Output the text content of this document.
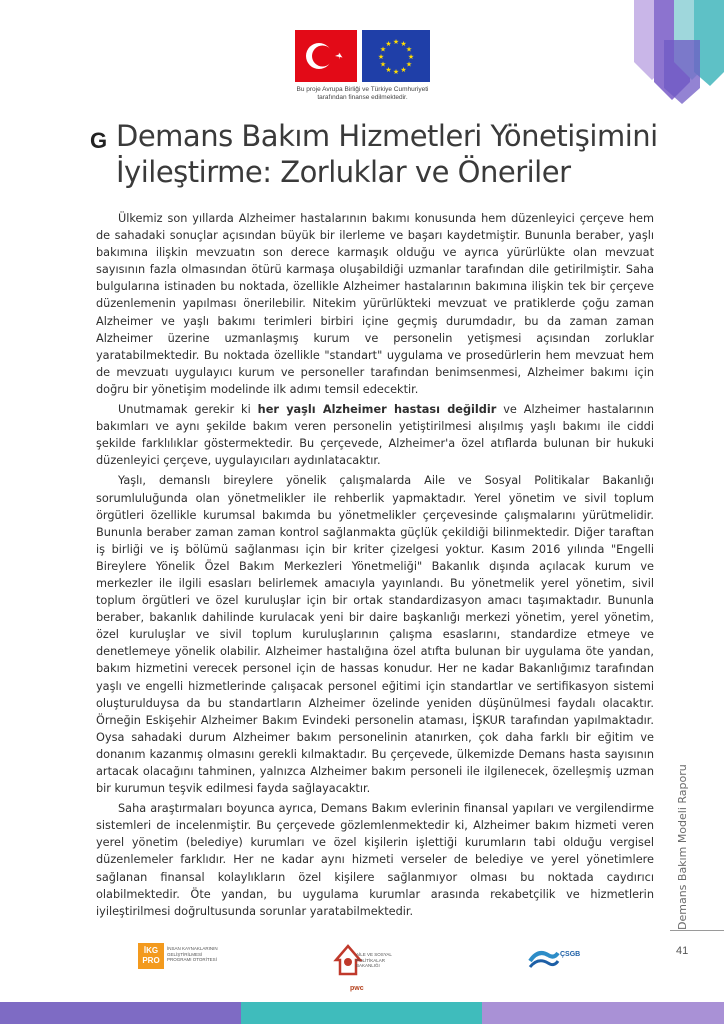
★
★
★
★
★
★
★
★
★ ★ ★
★
Bu proje Avrupa Birliği ve Türkiye Cumhuriyeti
tarafından finanse edilmektedir.
G Demans Bakım Hizmetleri Yönetişimini İyileştirme: Zorluklar ve Öneriler

Ülkemiz son yıllarda Alzheimer hastalarının bakımı konusunda hem düzenleyici çerçeve hem de sahadaki sonuçlar açısından büyük bir ilerleme ve başarı kaydetmiştir. Bununla beraber, yaşlı bakımına ilişkin mevzuatın son derece karmaşık olduğu ve ayrıca yürürlükte olan mevzuat sayısının fazla olmasından ötürü karmaşa oluşabildiği uzmanlar tarafından dile getirilmiştir. Saha bulgularına istinaden bu noktada, özellikle Alzheimer hastalarının bakımına ilişkin tek bir çerçeve düzenlemenin yapılması önerilebilir. Nitekim yürürlükteki mevzuat ve pratiklerde çoğu zaman Alzheimer ve yaşlı bakımı terimleri birbiri içine geçmiş durumdadır, bu da zaman zaman Alzheimer üzerine uzmanlaşmış kurum ve personelin yetişmesi açısından zorluklar yaratabilmektedir. Bu noktada özellikle "standart" uygulama ve prosedürlerin hem mevzuat hem de mevzuatı uygulayıcı kurum ve personeller tarafından benimsenmesi, Alzheimer bakımı için doğru bir yönetişim modelinde ilk adımı temsil edecektir.

Unutmamak gerekir ki her yaşlı Alzheimer hastası değildir ve Alzheimer hastalarının bakımları ve aynı şekilde bakım veren personelin yetiştirilmesi alışılmış yaşlı bakımı ile ciddi şekilde farklılıklar göstermektedir. Bu çerçevede, Alzheimer'a özel atıflarda bulunan bir hukuki düzenleyici çerçeve, uygulayıcıları aydınlatacaktır.

Yaşlı, demanslı bireylere yönelik çalışmalarda Aile ve Sosyal Politikalar Bakanlığı sorumluluğunda olan yönetmelikler ile rehberlik yapmaktadır. Yerel yönetim ve sivil toplum örgütleri özellikle kurumsal bakımda bu yönetmelikler çerçevesinde çalışmalarını yürütmelidir. Bununla beraber zaman zaman kontrol sağlanmakta güçlük çekildiği bilinmektedir. Diğer taraftan iş birliği ve iş bölümü sağlanması için bir kriter çizelgesi yoktur. Kasım 2016 yılında "Engelli Bireylere Yönelik Özel Bakım Merkezleri Yönetmeliği" Bakanlık dışında açılacak kurum ve merkezler ile ilgili esasları belirlemek amacıyla yayınlandı. Bu yönetmelik yerel yönetim, sivil toplum örgütleri ve özel kuruluşlar için bir ortak standardizasyon amacı taşımaktadır. Bununla beraber, bakanlık dahilinde kurulacak yeni bir daire başkanlığı merkezi yönetim, yerel yönetim, özel kuruluşlar ve sivil toplum kuruluşlarının çalışma esaslarını, standardize etmeye ve denetlemeye yönelik olabilir. Alzheimer hastalığına özel atıfta bulunan bir uygulama öte yandan, bakım hizmetini verecek personel için de hassas konudur. Her ne kadar Bakanlığımız tarafından yaşlı ve engelli hizmetlerinde çalışacak personel eğitimi için standartlar ve sertifikasyon sistemi oluşturulduysa da bu standartların Alzheimer özelinde yeniden düşünülmesi faydalı olacaktır. Örneğin Eskişehir Alzheimer Bakım Evindeki personelin ataması, İŞKUR tarafından yapılmaktadır. Oysa sahadaki durum Alzheimer bakım personelinin atanırken, çok daha farklı bir eğitim ve donanım kazanmış olmasını gerekli kılmaktadır. Bu çerçevede, ülkemizde Demans hasta sayısının artacak olacağını tahminen, yalnızca Alzheimer bakım personeli ile ilgilenecek, özelleşmiş uzman bir kurumun teşvik edilmesi fayda sağlayacaktır.

Saha araştırmaları boyunca ayrıca, Demans Bakım evlerinin finansal yapıları ve vergilendirme sistemleri de incelenmiştir. Bu çerçevede gözlemlenmektedir ki, Alzheimer bakım hizmeti veren yerel yönetim (belediye) kurumları ve özel kişilerin işlettiği kurumların tabi olduğu vergisel düzenlemeler farklıdır. Her ne kadar aynı hizmeti verseler de belediye ve yerel yönetimlere sağlanan finansal kolaylıkların özel kişilere sağlanmıyor olması bu noktada caydırıcı olabilmektedir. Öte yandan, bu uygulama kurumlar arasında rekabetçilik ve hizmetlerin iyileştirilmesi doğrultusunda sorunlar yaratabilmektedir.	Demans Bakım Modeli Raporu
41
İKG PRO
İNSAN KAYNAKLARININ GELİŞTİRİLMESİ PROGRAMI OTORİTESİ
AİLE VE SOSYAL POLİTİKALAR BAKANLIĞI
pwc
ÇSGB
